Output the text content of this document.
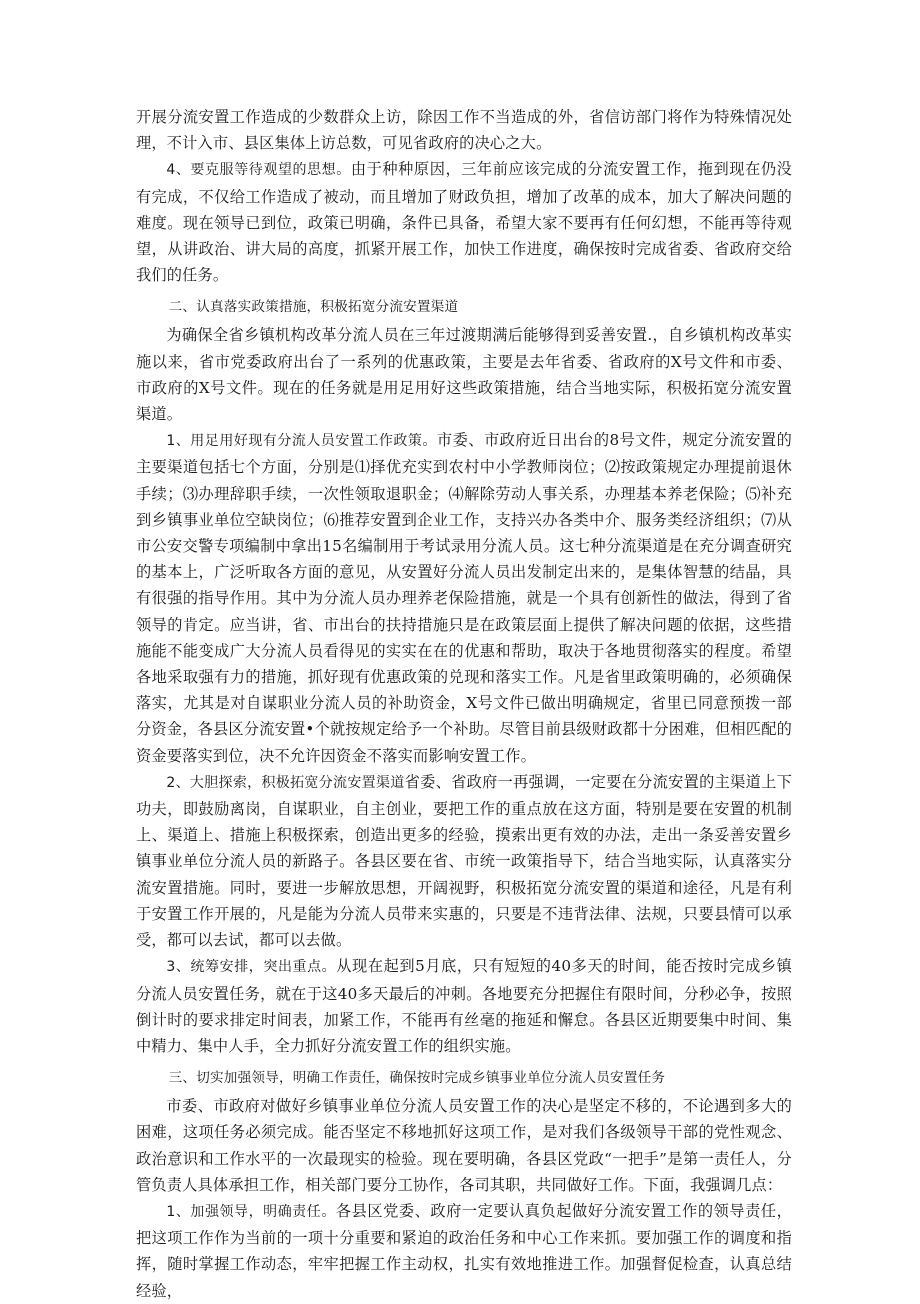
开展分流安置工作造成的少数群众上访，除因工作不当造成的外，省信访部门将作为特殊情况处理，不计入市、县区集体上访总数，可见省政府的决心之大。

4、要克服等待观望的思想。由于种种原因，三年前应该完成的分流安置工作，拖到现在仍没有完成，不仅给工作造成了被动，而且增加了财政负担，增加了改革的成本，加大了解决问题的难度。现在领导已到位，政策已明确，条件已具备，希望大家不要再有任何幻想，不能再等待观望，从讲政治、讲大局的高度，抓紧开展工作，加快工作进度，确保按时完成省委、省政府交给我们的任务。

二、认真落实政策措施，积极拓宽分流安置渠道

为确保全省乡镇机构改革分流人员在三年过渡期满后能够得到妥善安置.，自乡镇机构改革实施以来，省市党委政府出台了一系列的优惠政策，主要是去年省委、省政府的X号文件和市委、市政府的X号文件。现在的任务就是用足用好这些政策措施，结合当地实际，积极拓宽分流安置渠道。

1、用足用好现有分流人员安置工作政策。市委、市政府近日出台的8号文件，规定分流安置的主要渠道包括七个方面，分别是⑴择优充实到农村中小学教师岗位；⑵按政策规定办理提前退休手续；⑶办理辞职手续，一次性领取退职金；⑷解除劳动人事关系，办理基本养老保险；⑸补充到乡镇事业单位空缺岗位；⑹推荐安置到企业工作，支持兴办各类中介、服务类经济组织；⑺从市公安交警专项编制中拿出15名编制用于考试录用分流人员。这七种分流渠道是在充分调查研究的基本上，广泛听取各方面的意见，从安置好分流人员出发制定出来的，是集体智慧的结晶，具有很强的指导作用。其中为分流人员办理养老保险措施，就是一个具有创新性的做法，得到了省领导的肯定。应当讲，省、市出台的扶持措施只是在政策层面上提供了解决问题的依据，这些措施能不能变成广大分流人员看得见的实实在在的优惠和帮助，取决于各地贯彻落实的程度。希望各地采取强有力的措施，抓好现有优惠政策的兑现和落实工作。凡是省里政策明确的，必须确保落实，尤其是对自谋职业分流人员的补助资金，X号文件已做出明确规定，省里已同意预拨一部分资金，各县区分流安置•个就按规定给予一个补助。尽管目前县级财政都十分困难，但相匹配的资金要落实到位，决不允许因资金不落实而影响安置工作。

2、大胆探索，积极拓宽分流安置渠道省委、省政府一再强调，一定要在分流安置的主渠道上下功夫，即鼓励离岗，自谋职业，自主创业，要把工作的重点放在这方面，特别是要在安置的机制上、渠道上、措施上积极探索，创造出更多的经验，摸索出更有效的办法，走出一条妥善安置乡镇事业单位分流人员的新路子。各县区要在省、市统一政策指导下，结合当地实际，认真落实分流安置措施。同时，要进一步解放思想，开阔视野，积极拓宽分流安置的渠道和途径，凡是有利于安置工作开展的，凡是能为分流人员带来实惠的，只要是不违背法律、法规，只要县情可以承受，都可以去试，都可以去做。

3、统筹安排，突出重点。从现在起到5月底，只有短短的40多天的时间，能否按时完成乡镇分流人员安置任务，就在于这40多天最后的冲刺。各地要充分把握住有限时间，分秒必争，按照倒计时的要求排定时间表，加紧工作，不能再有丝毫的拖延和懈怠。各县区近期要集中时间、集中精力、集中人手，全力抓好分流安置工作的组织实施。

三、切实加强领导，明确工作责任，确保按时完成乡镇事业单位分流人员安置任务

市委、市政府对做好乡镇事业单位分流人员安置工作的决心是坚定不移的，不论遇到多大的困难，这项任务必须完成。能否坚定不移地抓好这项工作，是对我们各级领导干部的党性观念、政治意识和工作水平的一次最现实的检验。现在要明确，各县区党政“一把手”是第一责任人，分管负责人具体承担工作，相关部门要分工协作，各司其职，共同做好工作。下面，我强调几点：

1、加强领导，明确责任。各县区党委、政府一定要认真负起做好分流安置工作的领导责任，把这项工作作为当前的一项十分重要和紧迫的政治任务和中心工作来抓。要加强工作的调度和指挥，随时掌握工作动态，牢牢把握工作主动权，扎实有效地推进工作。加强督促检查，认真总结经验，
